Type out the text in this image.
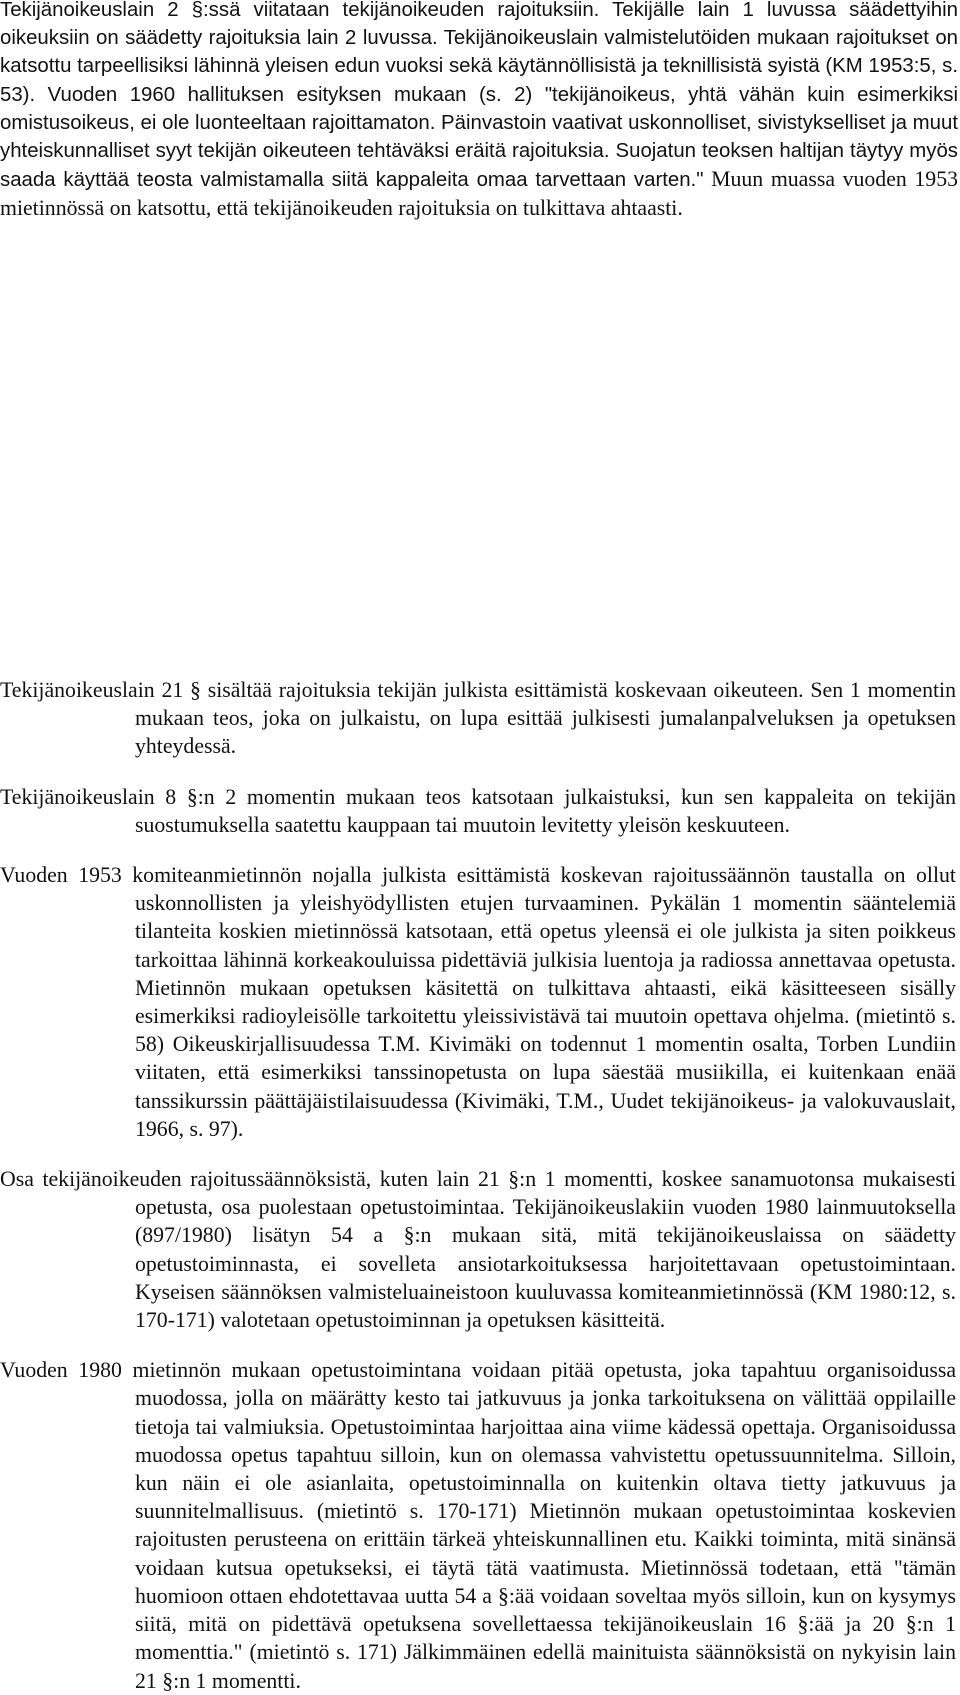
Tekijänoikeuslain 2 §:ssä viitataan tekijänoikeuden rajoituksiin. Tekijälle lain 1 luvussa säädettyihin oikeuksiin on säädetty rajoituksia lain 2 luvussa. Tekijänoikeuslain valmistelutöiden mukaan rajoitukset on katsottu tarpeellisiksi lähinnä yleisen edun vuoksi sekä käytännöllisistä ja teknillisistä syistä (KM 1953:5, s. 53). Vuoden 1960 hallituksen esityksen mukaan (s. 2) "tekijänoikeus, yhtä vähän kuin esimerkiksi omistusoikeus, ei ole luonteeltaan rajoittamaton. Päinvastoin vaativat uskonnolliset, sivistykselliset ja muut yhteiskunnalliset syyt tekijän oikeuteen tehtäväksi eräitä rajoituksia. Suojatun teoksen haltijan täytyy myös saada käyttää teosta valmistamalla siitä kappaleita omaa tarvettaan varten." Muun muassa vuoden 1953 mietinnössä on katsottu, että tekijänoikeuden rajoituksia on tulkittava ahtaasti.

Tekijänoikeuslain 21 § sisältää rajoituksia tekijän julkista esittämistä koskevaan oikeuteen. Sen 1 momentin mukaan teos, joka on julkaistu, on lupa esittää julkisesti jumalanpalveluksen ja opetuksen yhteydessä.

Tekijänoikeuslain 8 §:n 2 momentin mukaan teos katsotaan julkaistuksi, kun sen kappaleita on tekijän suostumuksella saatettu kauppaan tai muutoin levitetty yleisön keskuuteen.

Vuoden 1953 komiteanmietinnön nojalla julkista esittämistä koskevan rajoitussäännön taustalla on ollut uskonnollisten ja yleishyödyllisten etujen turvaaminen. Pykälän 1 momentin sääntelemiä tilanteita koskien mietinnössä katsotaan, että opetus yleensä ei ole julkista ja siten poikkeus tarkoittaa lähinnä korkeakouluissa pidettäviä julkisia luentoja ja radiossa annettavaa opetusta. Mietinnön mukaan opetuksen käsitettä on tulkittava ahtaasti, eikä käsitteeseen sisälly esimerkiksi radioyleisölle tarkoitettu yleissivistävä tai muutoin opettava ohjelma. (mietintö s. 58) Oikeuskirjallisuudessa T.M. Kivimäki on todennut 1 momentin osalta, Torben Lundiin viitaten, että esimerkiksi tanssinopetusta on lupa säestää musiikilla, ei kuitenkaan enää tanssikurssin päättäjäistilaisuudessa (Kivimäki, T.M., Uudet tekijänoikeus- ja valokuvauslait, 1966, s. 97).

Osa tekijänoikeuden rajoitussäännöksistä, kuten lain 21 §:n 1 momentti, koskee sanamuotonsa mukaisesti opetusta, osa puolestaan opetustoimintaa. Tekijänoikeuslakiin vuoden 1980 lainmuutoksella (897/1980) lisätyn 54 a §:n mukaan sitä, mitä tekijänoikeuslaissa on säädetty opetustoiminnasta, ei sovelleta ansiotarkoituksessa harjoitettavaan opetustoimintaan. Kyseisen säännöksen valmisteluaineistoon kuuluvassa komiteanmietinnössä (KM 1980:12, s. 170-171) valotetaan opetustoiminnan ja opetuksen käsitteitä.

Vuoden 1980 mietinnön mukaan opetustoimintana voidaan pitää opetusta, joka tapahtuu organisoidussa muodossa, jolla on määrätty kesto tai jatkuvuus ja jonka tarkoituksena on välittää oppilaille tietoja tai valmiuksia. Opetustoimintaa harjoittaa aina viime kädessä opettaja. Organisoidussa muodossa opetus tapahtuu silloin, kun on olemassa vahvistettu opetussuunnitelma. Silloin, kun näin ei ole asianlaita, opetustoiminnalla on kuitenkin oltava tietty jatkuvuus ja suunnitelmallisuus. (mietintö s. 170-171) Mietinnön mukaan opetustoimintaa koskevien rajoitusten perusteena on erittäin tärkeä yhteiskunnallinen etu. Kaikki toiminta, mitä sinänsä voidaan kutsua opetukseksi, ei täytä tätä vaatimusta. Mietinnössä todetaan, että "tämän huomioon ottaen ehdotettavaa uutta 54 a §:ää voidaan soveltaa myös silloin, kun on kysymys siitä, mitä on pidettävä opetuksena sovellettaessa tekijänoikeuslain 16 §:ää ja 20 §:n 1 momenttia." (mietintö s. 171) Jälkimmäinen edellä mainituista säännöksistä on nykyisin lain 21 §:n 1 momentti.
